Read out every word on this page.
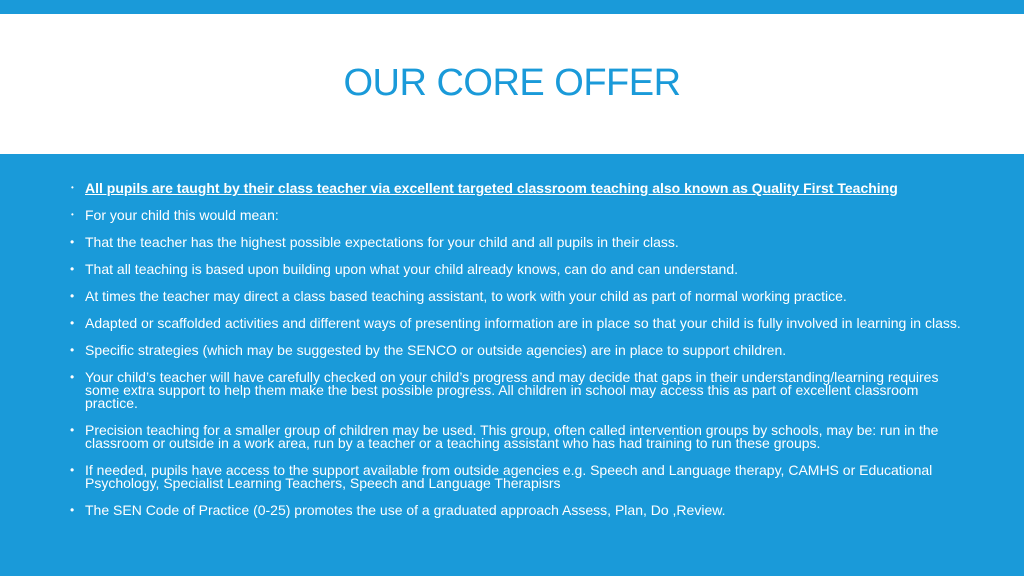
OUR CORE OFFER
• All pupils are taught by their class teacher via excellent targeted classroom teaching also known as Quality First Teaching
• For your child this would mean:
• That the teacher has the highest possible expectations for your child and all pupils in their class.
• That all teaching is based upon building upon what your child already knows, can do and can understand.
• At times the teacher may direct a class based teaching assistant, to work with your child as part of normal working practice.
• Adapted or scaffolded activities and different ways of presenting information are in place so that your child is fully involved in learning in class.
• Specific strategies (which may be suggested by the SENCO or outside agencies) are in place to support children.
• Your child’s teacher will have carefully checked on your child’s progress and may decide that gaps in their understanding/learning requires some extra support to help them make the best possible progress. All children in school may access this as part of excellent classroom practice.
• Precision teaching for a smaller group of children may be used. This group, often called intervention groups by schools, may be: run in the classroom or outside in a work area, run by a teacher or a teaching assistant who has had training to run these groups.
• If needed, pupils have access to the support available from outside agencies e.g. Speech and Language therapy, CAMHS or Educational Psychology, Specialist Learning Teachers, Speech and Language Therapisrs
• The SEN Code of Practice (0-25) promotes the use of a graduated approach Assess, Plan, Do ,Review.
